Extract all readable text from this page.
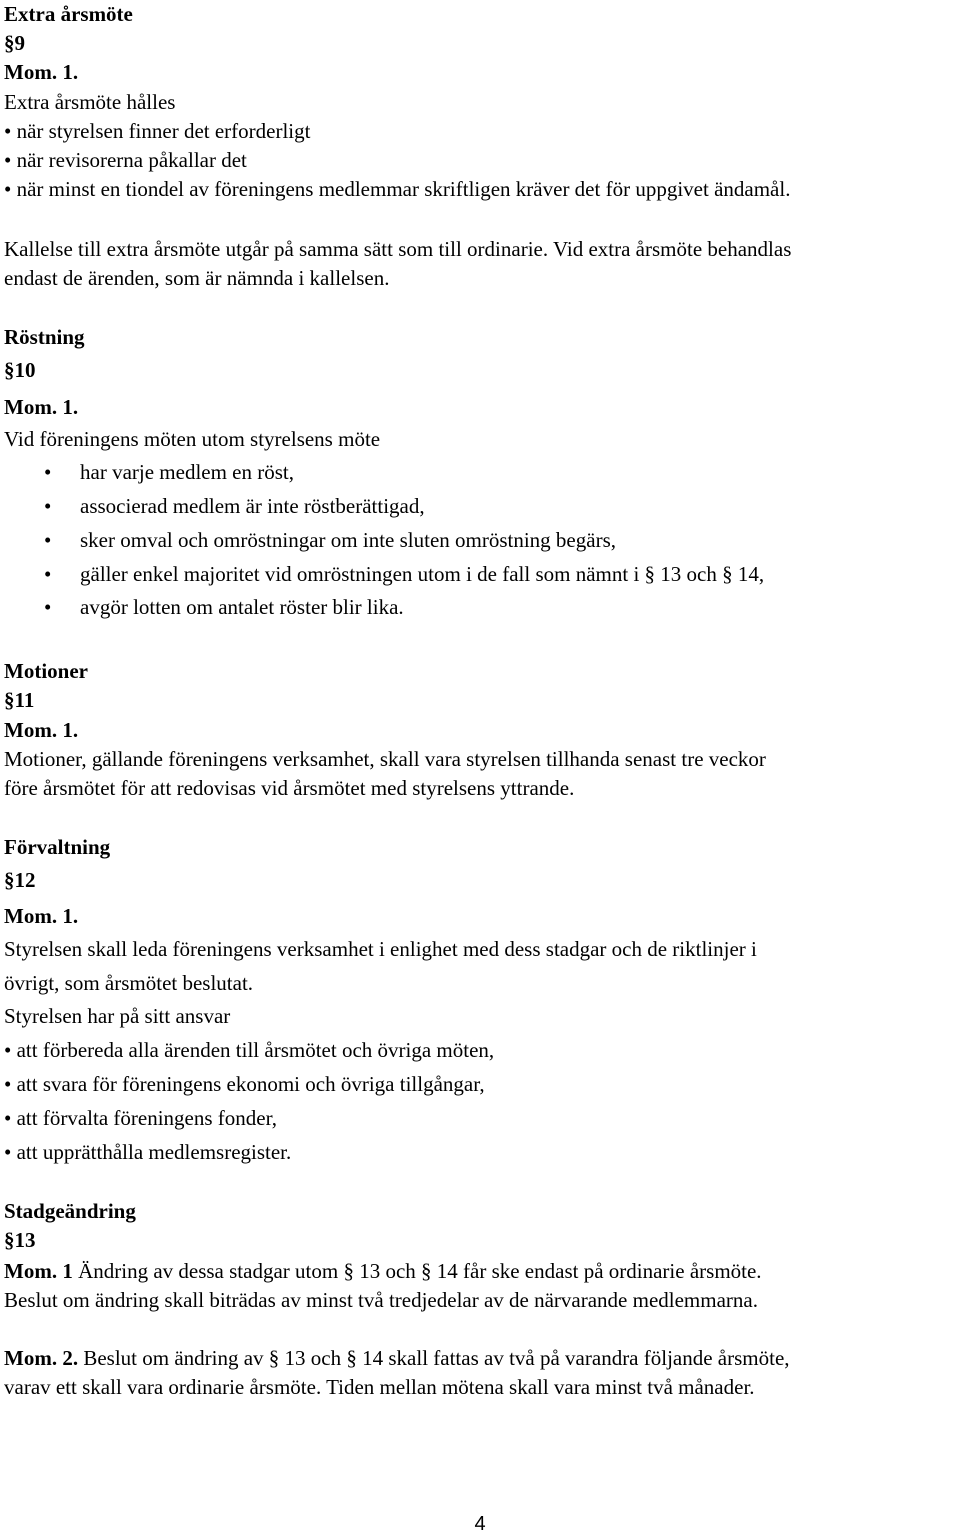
Extra årsmöte
§9
Mom. 1.
Extra årsmöte hålles
• när styrelsen finner det erforderligt
• när revisorerna påkallar det
• när minst en tiondel av föreningens medlemmar skriftligen kräver det för uppgivet ändamål.
Kallelse till extra årsmöte utgår på samma sätt som till ordinarie. Vid extra årsmöte behandlas
endast de ärenden, som är nämnda i kallelsen.
Röstning
§10
Mom. 1.
Vid föreningens möten utom styrelsens möte
• har varje medlem en röst,
• associerad medlem är inte röstberättigad,
• sker omval och omröstningar om inte sluten omröstning begärs,
• gäller enkel majoritet vid omröstningen utom i de fall som nämnt i § 13 och § 14,
• avgör lotten om antalet röster blir lika.
Motioner
§11
Mom. 1.
Motioner, gällande föreningens verksamhet, skall vara styrelsen tillhanda senast tre veckor
före årsmötet för att redovisas vid årsmötet med styrelsens yttrande.
Förvaltning
§12
Mom. 1.
Styrelsen skall leda föreningens verksamhet i enlighet med dess stadgar och de riktlinjer i
övrigt, som årsmötet beslutat.
Styrelsen har på sitt ansvar
• att förbereda alla ärenden till årsmötet och övriga möten,
• att svara för föreningens ekonomi och övriga tillgångar,
• att förvalta föreningens fonder,
• att upprätthålla medlemsregister.
Stadgeändring
§13
Mom. 1 Ändring av dessa stadgar utom § 13 och § 14 får ske endast på ordinarie årsmöte.
Beslut om ändring skall biträdas av minst två tredjedelar av de närvarande medlemmarna.
Mom. 2. Beslut om ändring av § 13 och § 14 skall fattas av två på varandra följande årsmöte,
varav ett skall vara ordinarie årsmöte. Tiden mellan mötena skall vara minst två månader.
4
